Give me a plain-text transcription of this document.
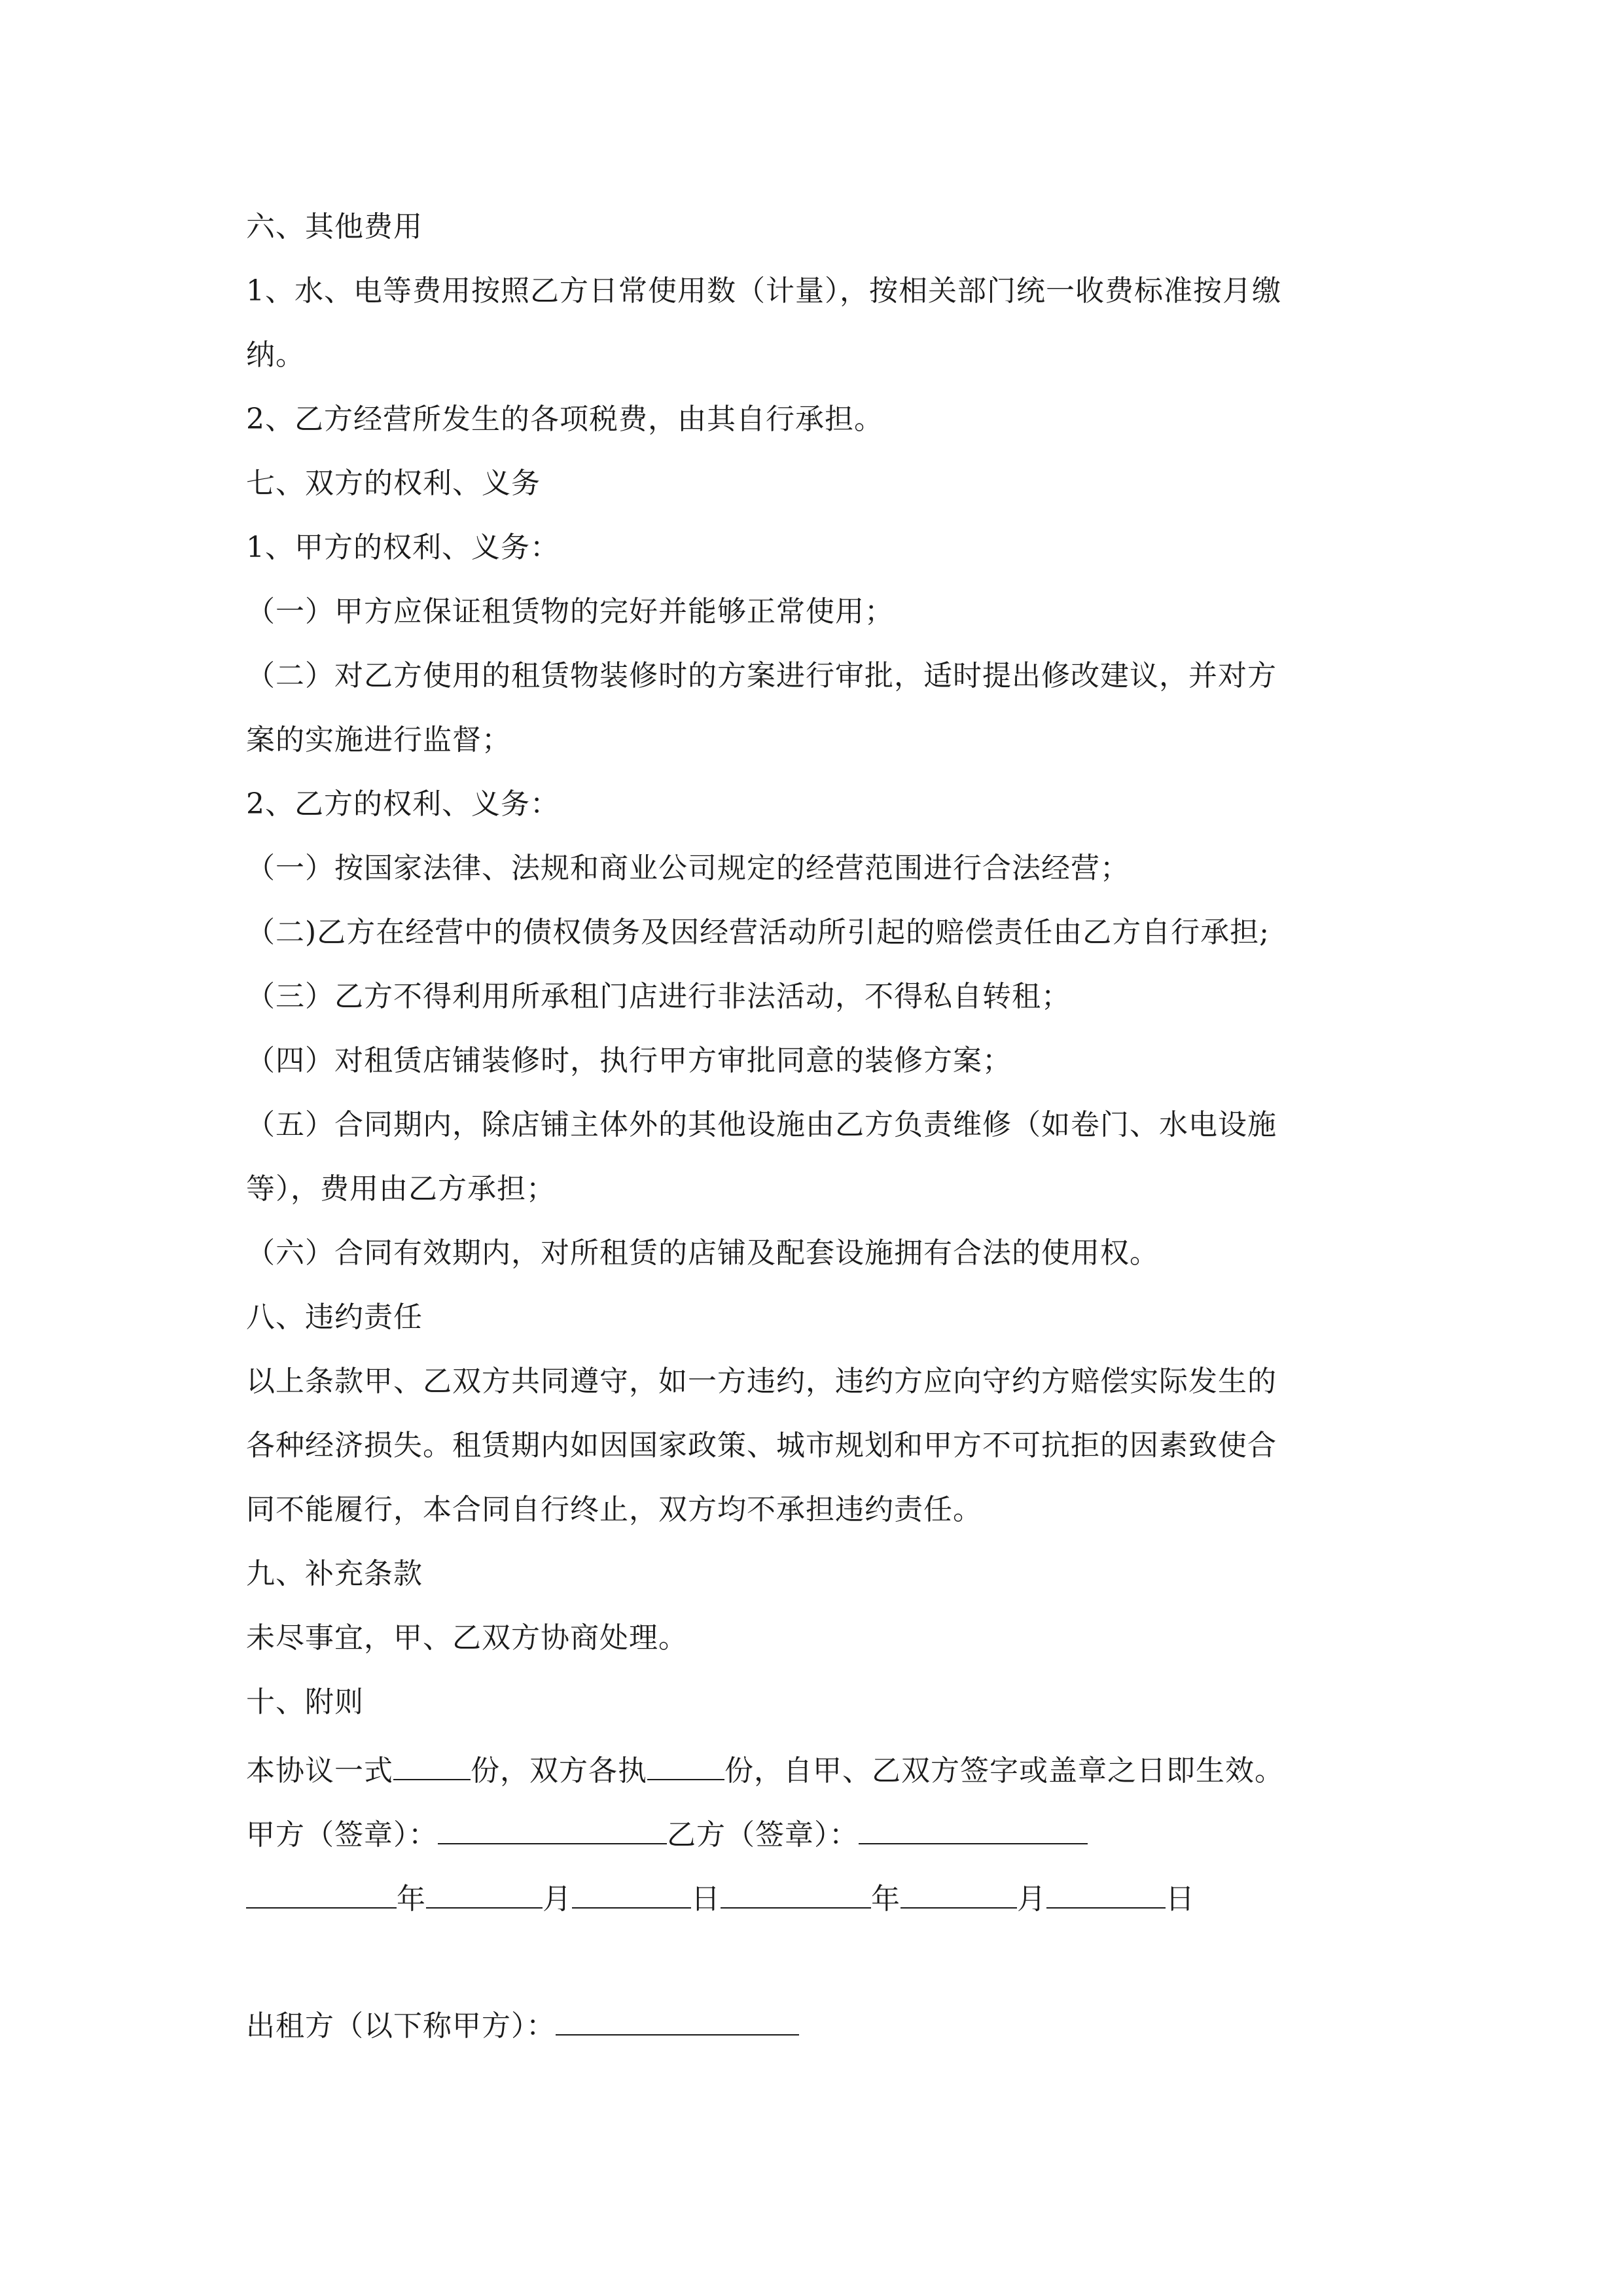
六、其他费用
1、水、电等费用按照乙方日常使用数（计量），按相关部门统一收费标准按月缴
纳。
2、乙方经营所发生的各项税费，由其自行承担。
七、双方的权利、义务
1、甲方的权利、义务：
（一）甲方应保证租赁物的完好并能够正常使用；
（二）对乙方使用的租赁物装修时的方案进行审批，适时提出修改建议，并对方
案的实施进行监督；
2、乙方的权利、义务：
（一）按国家法律、法规和商业公司规定的经营范围进行合法经营；
（二)乙方在经营中的债权债务及因经营活动所引起的赔偿责任由乙方自行承担;
（三）乙方不得利用所承租门店进行非法活动，不得私自转租；
（四）对租赁店铺装修时，执行甲方审批同意的装修方案；
（五）合同期内，除店铺主体外的其他设施由乙方负责维修（如卷门、水电设施
等），费用由乙方承担；
（六）合同有效期内，对所租赁的店铺及配套设施拥有合法的使用权。
八、违约责任
以上条款甲、乙双方共同遵守，如一方违约，违约方应向守约方赔偿实际发生的
各种经济损失。租赁期内如因国家政策、城市规划和甲方不可抗拒的因素致使合
同不能履行，本合同自行终止，双方均不承担违约责任。
九、补充条款
未尽事宜，甲、乙双方协商处理。
十、附则
本协议一式	份，双方各执	份，自甲、乙双方签字或盖章之日即生效。
甲方（签章）：	乙方（签章）：
年	月	日	年	月	日
出租方（以下称甲方）：
